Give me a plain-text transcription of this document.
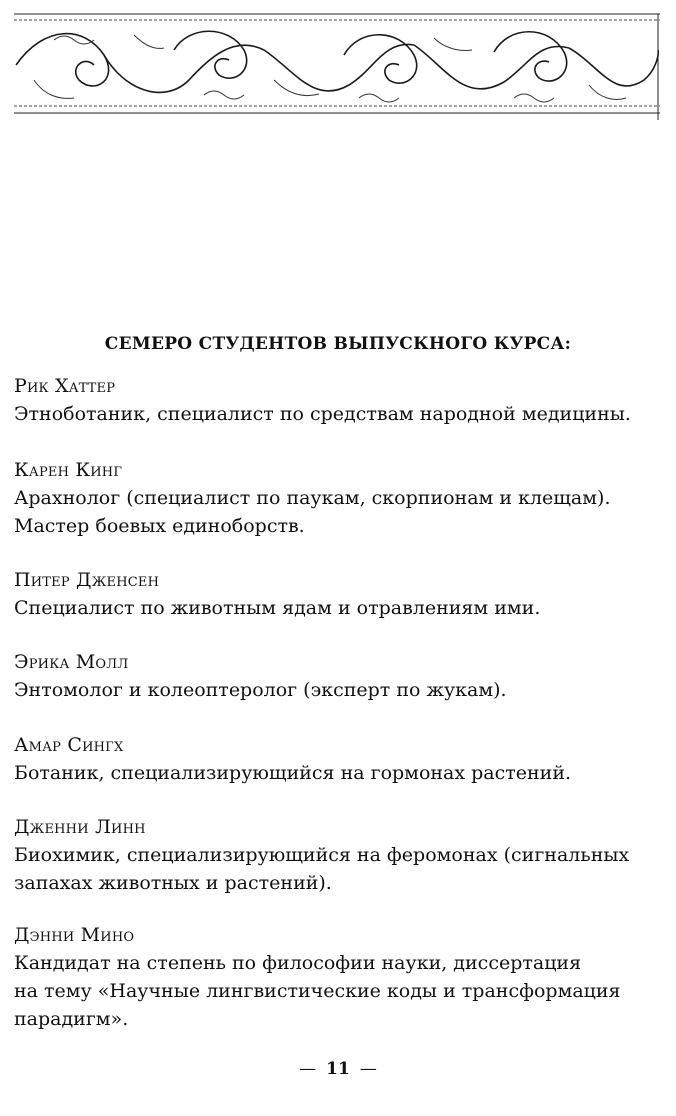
СЕМЕРО СТУДЕНТОВ ВЫПУСКНОГО КУРСА:
Рик Хаттер
Этноботаник, специалист по средствам народной медицины.
Карен Кинг
Арахнолог (специалист по паукам, скорпионам и клещам).
Мастер боевых единоборств.
Питер Дженсен
Специалист по животным ядам и отравлениям ими.
Эрика Молл
Энтомолог и колеоптеролог (эксперт по жукам).
Амар Сингх
Ботаник, специализирующийся на гормонах растений.
Дженни Линн
Биохимик, специализирующийся на феромонах (сигнальных
запахах животных и растений).
Дэнни Мино
Кандидат на степень по философии науки, диссертация
на тему «Научные лингвистические коды и трансформация
парадигм».
— 11 —
